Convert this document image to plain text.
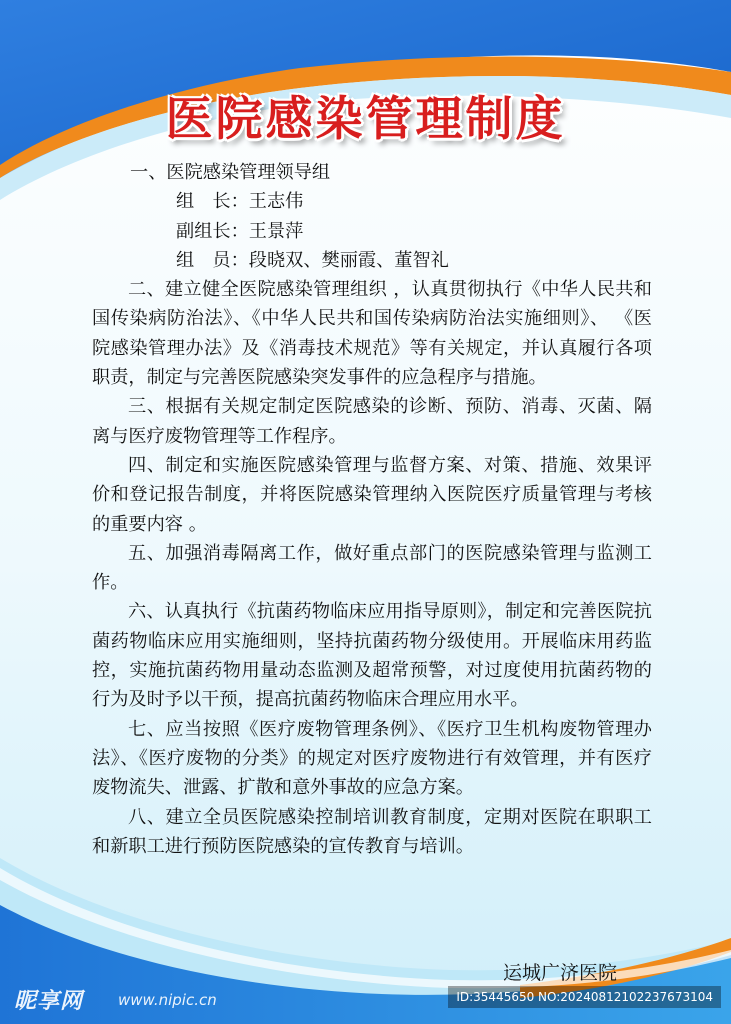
医院感染管理制度

一、医院感染管理领导组

组　长：王志伟

副组长：王景萍

组　员：段晓双、樊丽霞、董智礼

二、建立健全医院感染管理组织 ，认真贯彻执行《中华人民共和国传染病防治法》、《中华人民共和国传染病防治法实施细则》、 《医院感染管理办法》及《消毒技术规范》等有关规定，并认真履行各项职责，制定与完善医院感染突发事件的应急程序与措施。

三、根据有关规定制定医院感染的诊断、预防、消毒、灭菌、隔离与医疗废物管理等工作程序。

四、制定和实施医院感染管理与监督方案、对策、措施、效果评价和登记报告制度，并将医院感染管理纳入医院医疗质量管理与考核的重要内容 。

五、加强消毒隔离工作，做好重点部门的医院感染管理与监测工作。

六、认真执行《抗菌药物临床应用指导原则》，制定和完善医院抗菌药物临床应用实施细则，坚持抗菌药物分级使用。开展临床用药监控，实施抗菌药物用量动态监测及超常预警，对过度使用抗菌药物的行为及时予以干预，提高抗菌药物临床合理应用水平。

七、应当按照《医疗废物管理条例》、《医疗卫生机构废物管理办法》、《医疗废物的分类》的规定对医疗废物进行有效管理，并有医疗废物流失、泄露、扩散和意外事故的应急方案。

八、建立全员医院感染控制培训教育制度，定期对医院在职职工和新职工进行预防医院感染的宣传教育与培训。

运城广济医院
昵享网 www.nipic.cn	ID:35445650 NO:20240812102237673104
